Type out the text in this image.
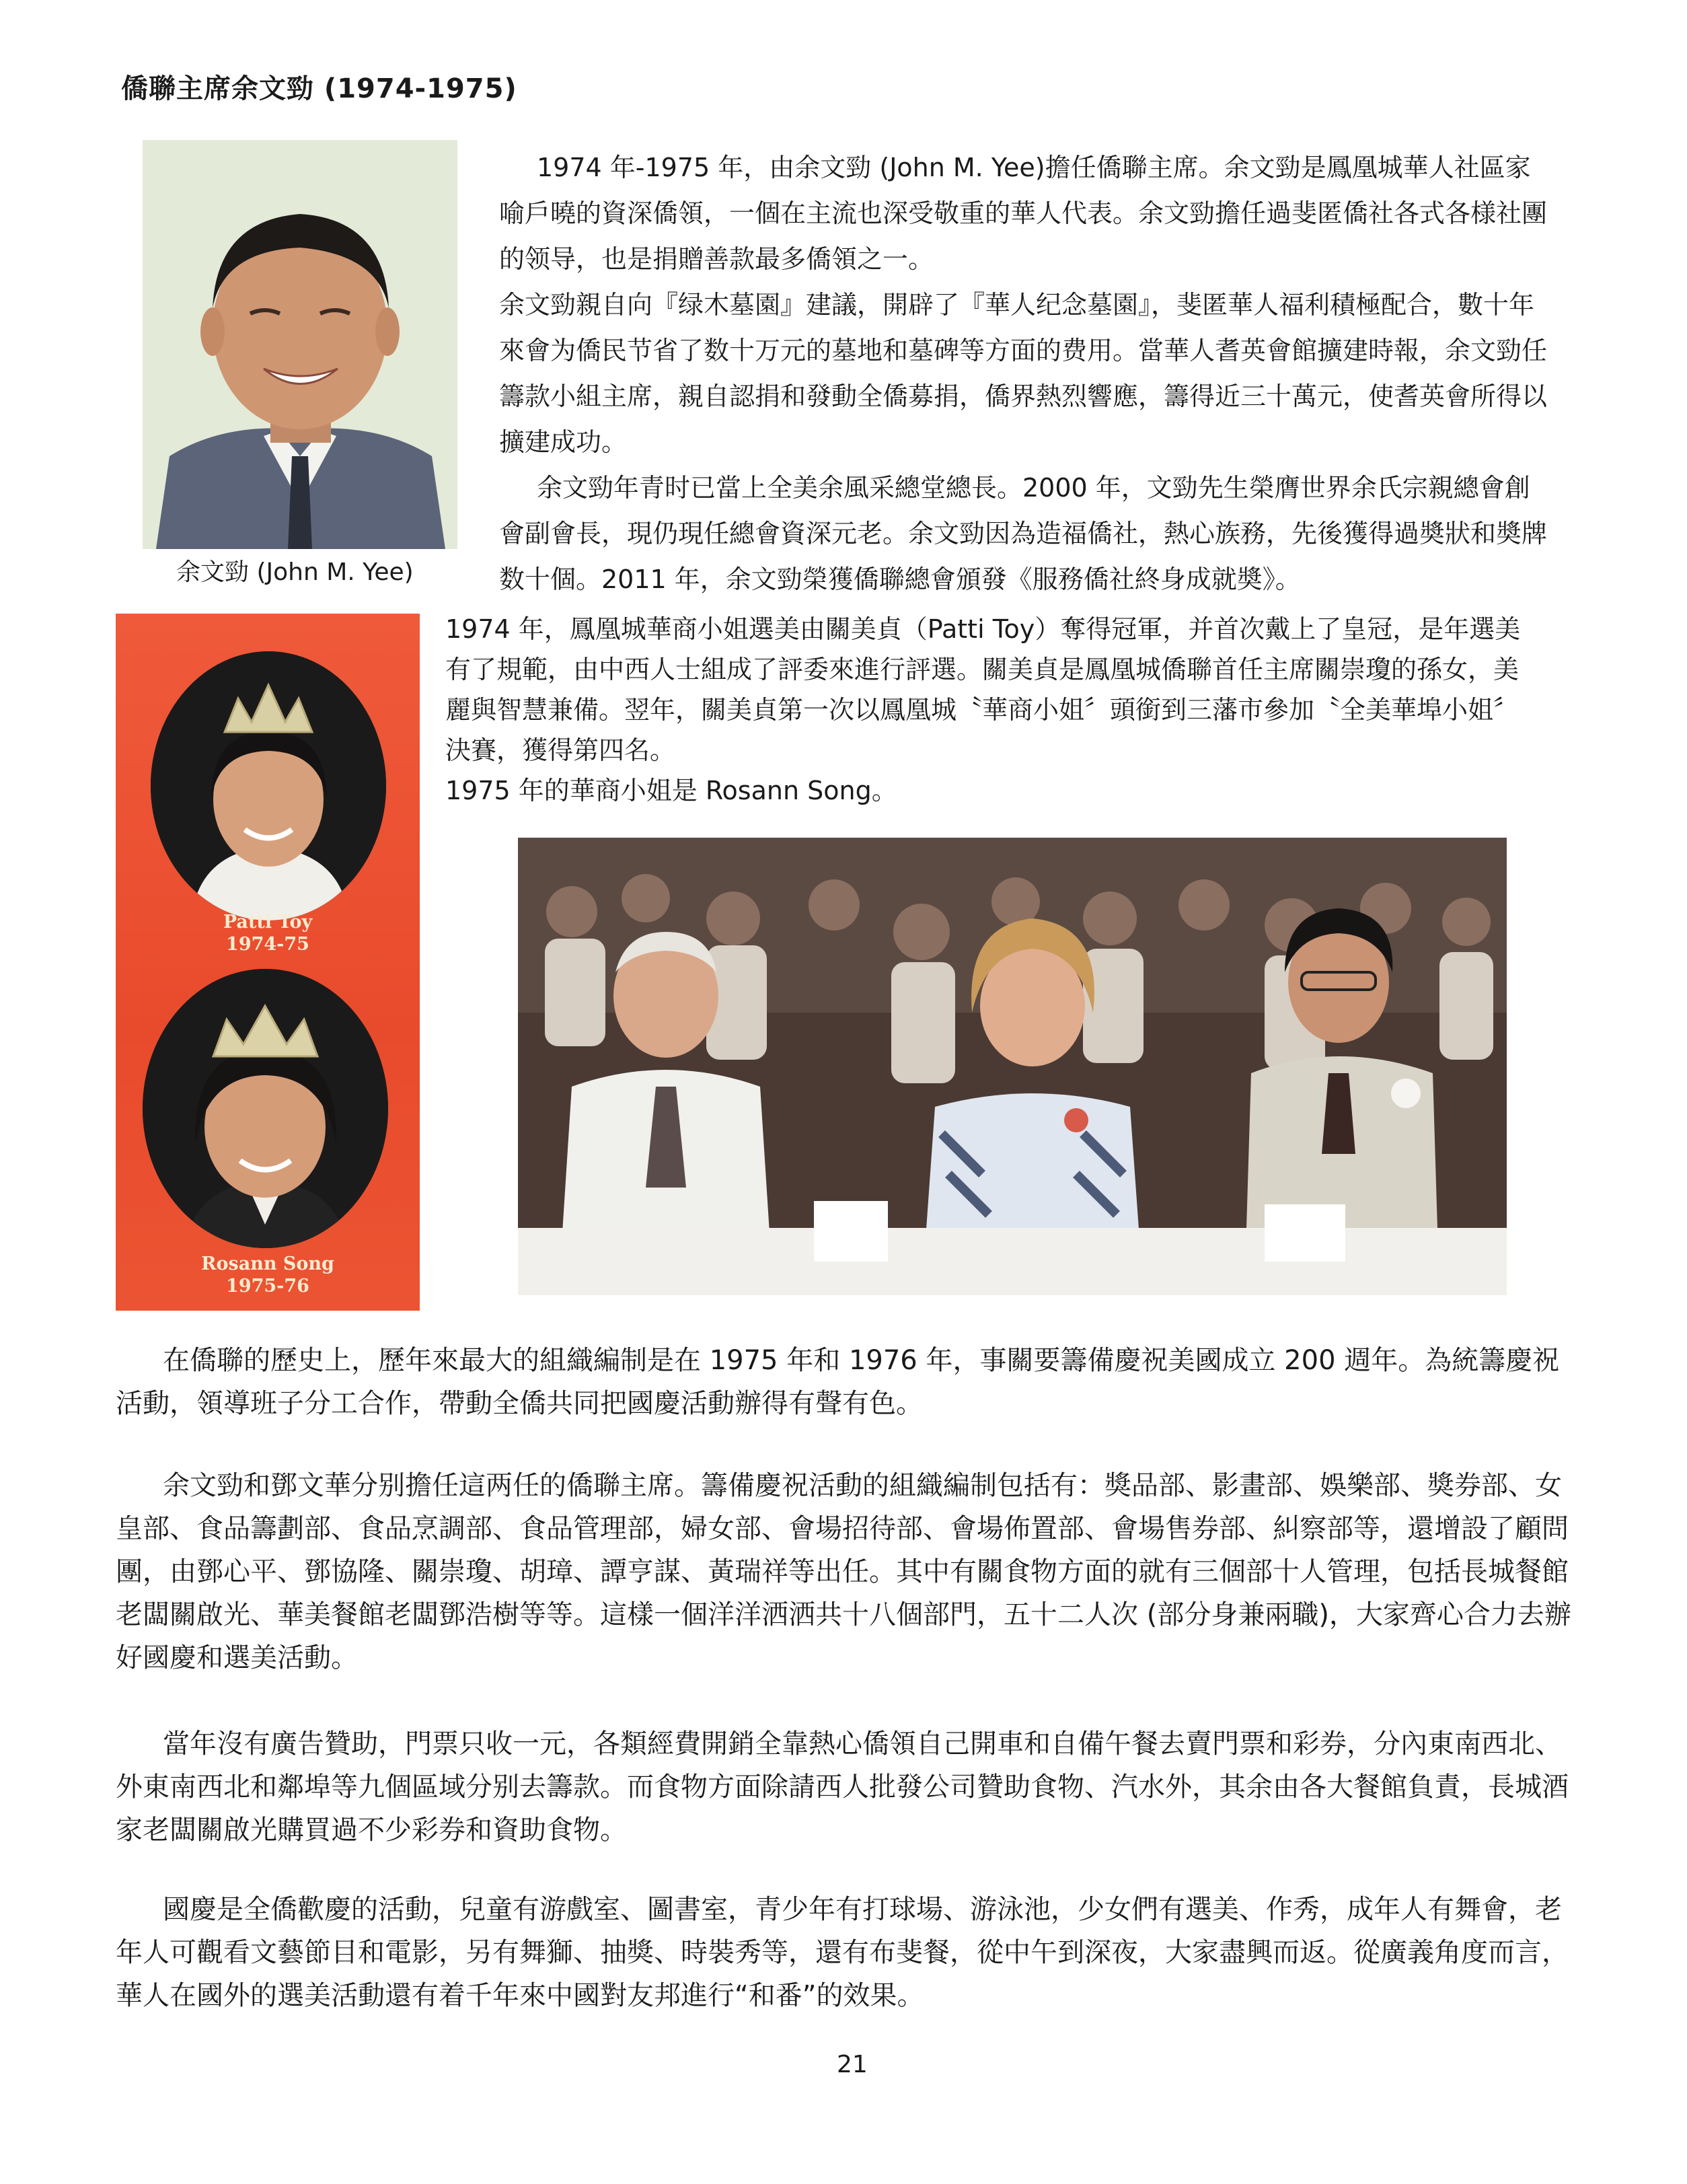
僑聯主席余文勁 (1974-1975)
余文勁 (John M. Yee)

1974 年-1975 年，由余文勁 (John M. Yee)擔任僑聯主席。余文勁是鳳凰城華人社區家喻戶曉的資深僑領，一個在主流也深受敬重的華人代表。余文勁擔任過斐匿僑社各式各様社團的领导，也是捐贈善款最多僑領之一。

余文勁親自向『绿木墓園』建議，開辟了『華人纪念墓園』，斐匿華人福利積極配合，數十年來會为僑民节省了数十万元的墓地和墓碑等方面的费用。當華人耆英會館擴建時報，余文勁任籌款小組主席，親自認捐和發動全僑募捐，僑界熱烈響應，籌得近三十萬元，使耆英會所得以擴建成功。

余文勁年青时已當上全美余風采總堂總長。2000 年，文勁先生榮膺世界余氏宗親總會創會副會長，現仍現任總會資深元老。余文勁因為造福僑社，熱心族務，先後獲得過奬狀和奬牌数十個。2011 年，余文勁榮獲僑聯總會頒發《服務僑社終身成就奬》。

Patti Toy
1974-75
Rosann Song
1975-76

1974 年，鳳凰城華商小姐選美由關美貞（Patti Toy）奪得冠軍，并首次戴上了皇冠，是年選美有了規範，由中西人士組成了評委來進行評選。關美貞是鳳凰城僑聯首任主席關崇瓊的孫女，美麗與智慧兼備。翌年，關美貞第一次以鳳凰城〝華商小姐〞頭銜到三藩市參加〝全美華埠小姐〞決賽，獲得第四名。

1975 年的華商小姐是 Rosann Song。

在僑聯的歷史上，歷年來最大的組織編制是在 1975 年和 1976 年，事關要籌備慶祝美國成立 200 週年。為統籌慶祝活動，領導班子分工合作，帶動全僑共同把國慶活動辦得有聲有色。

余文勁和鄧文華分别擔任這两任的僑聯主席。籌備慶祝活動的組織編制包括有：獎品部、影畫部、娛樂部、獎券部、女皇部、食品籌劃部、食品烹調部、食品管理部，婦女部、會場招待部、會場佈置部、會場售券部、糾察部等，還增設了顧問團，由鄧心平、鄧協隆、關崇瓊、胡璋、譚亨謀、黃瑞祥等出任。其中有關食物方面的就有三個部十人管理，包括長城餐館老闆關啟光、華美餐館老闆鄧浩樹等等。這樣一個洋洋洒洒共十八個部門，五十二人次 (部分身兼兩職)，大家齊心合力去辦好國慶和選美活動。

當年沒有廣告贊助，門票只收一元，各類經費開銷全靠熱心僑領自己開車和自備午餐去賣門票和彩券，分內東南西北、外東南西北和鄰埠等九個區域分别去籌款。而食物方面除請西人批發公司贊助食物、汽水外，其余由各大餐館負責，長城酒家老闆關啟光購買過不少彩券和資助食物。

國慶是全僑歡慶的活動，兒童有游戲室、圖書室，青少年有打球場、游泳池，少女們有選美、作秀，成年人有舞會，老年人可觀看文藝節目和電影，另有舞獅、抽獎、時裝秀等，還有布斐餐，從中午到深夜，大家盡興而返。從廣義角度而言，華人在國外的選美活動還有着千年來中國對友邦進行“和番”的效果。

21
